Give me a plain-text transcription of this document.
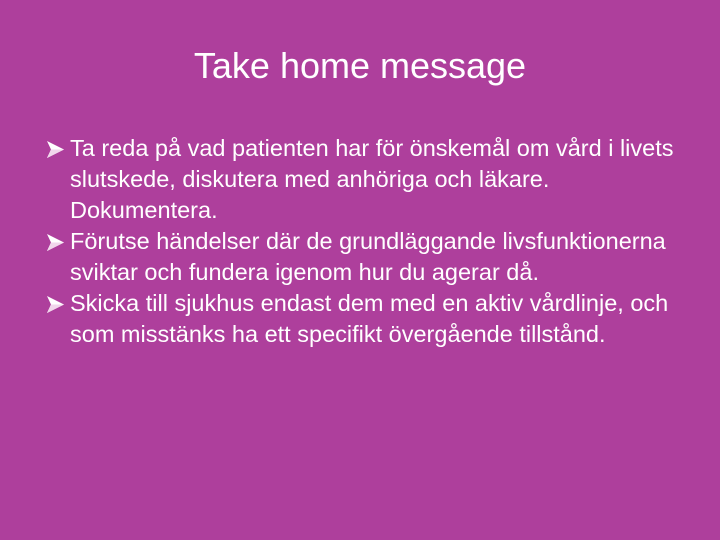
Take home message
Ta reda på vad patienten har för önskemål om vård i livets slutskede, diskutera med anhöriga och läkare. Dokumentera.
Förutse händelser där de grundläggande livsfunktionerna sviktar och fundera igenom hur du agerar då.
Skicka till sjukhus endast dem med en aktiv vårdlinje, och som misstänks ha ett specifikt övergående tillstånd.
